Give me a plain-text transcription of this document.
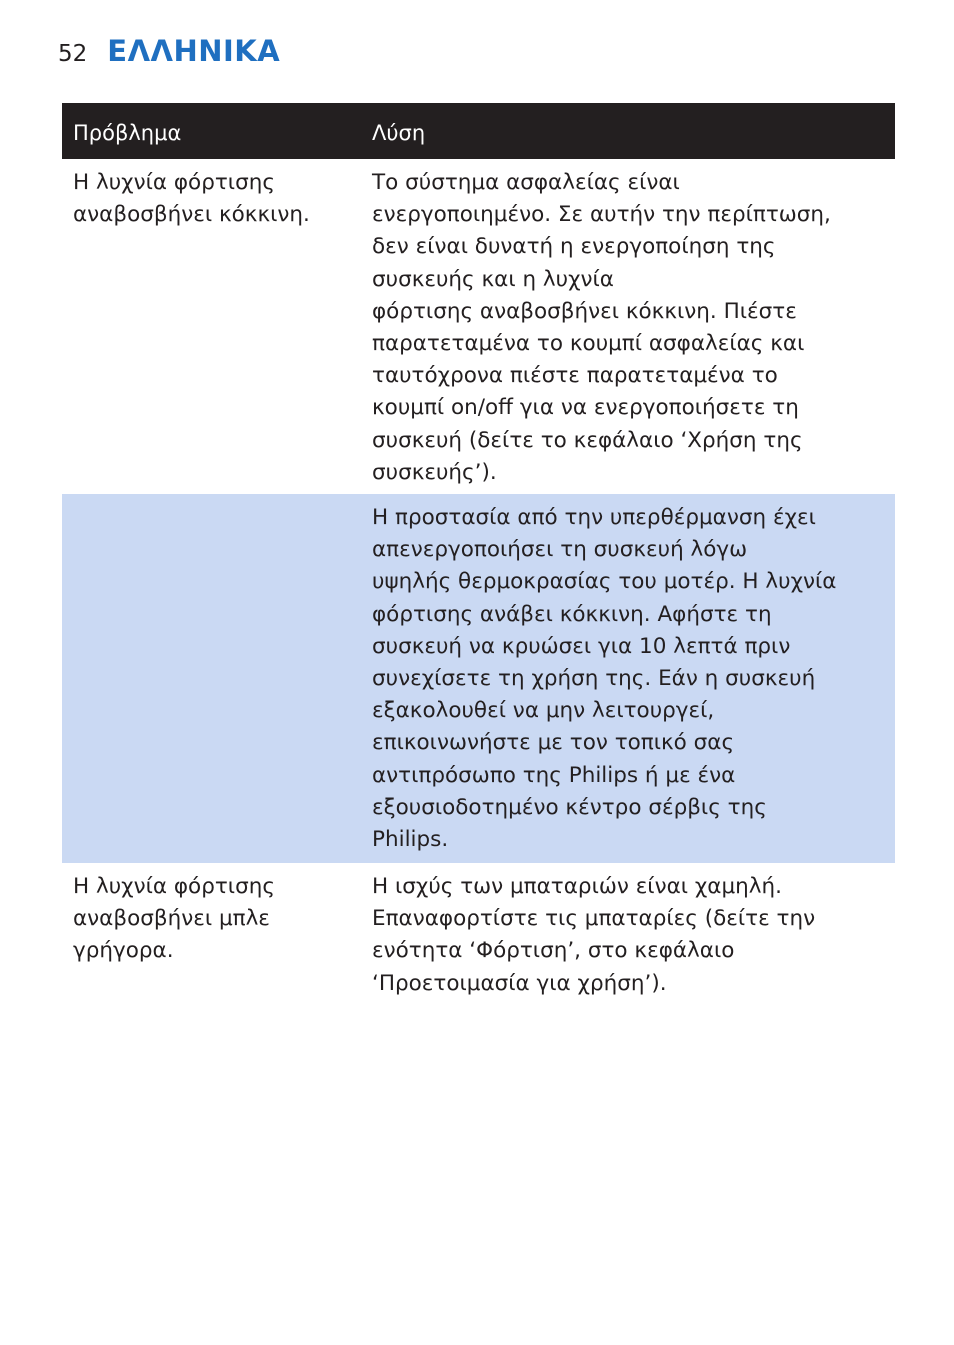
52 ΕΛΛΗΝΙΚΑ
Πρόβλημα	Λύση
Η λυχνία φόρτισης
αναβοσβήνει κόκκινη.
Το σύστημα ασφαλείας είναι
ενεργοποιημένο. Σε αυτήν την περίπτωση,
δεν είναι δυνατή η ενεργοποίηση της
συσκευής και η λυχνία
φόρτισης αναβοσβήνει κόκκινη. Πιέστε
παρατεταμένα το κουμπί ασφαλείας και
ταυτόχρονα πιέστε παρατεταμένα το
κουμπί on/off για να ενεργοποιήσετε τη
συσκευή (δείτε το κεφάλαιο ‘Χρήση της
συσκευής’).
Η προστασία από την υπερθέρμανση έχει
απενεργοποιήσει τη συσκευή λόγω
υψηλής θερμοκρασίας του μοτέρ. Η λυχνία
φόρτισης ανάβει κόκκινη. Αφήστε τη
συσκευή να κρυώσει για 10 λεπτά πριν
συνεχίσετε τη χρήση της. Εάν η συσκευή
εξακολουθεί να μην λειτουργεί,
επικοινωνήστε με τον τοπικό σας
αντιπρόσωπο της Philips ή με ένα
εξουσιοδοτημένο κέντρο σέρβις της
Philips.
Η λυχνία φόρτισης
αναβοσβήνει μπλε
γρήγορα.
Η ισχύς των μπαταριών είναι χαμηλή.
Επαναφορτίστε τις μπαταρίες (δείτε την
ενότητα ‘Φόρτιση’, στο κεφάλαιο
‘Προετοιμασία για χρήση’).
